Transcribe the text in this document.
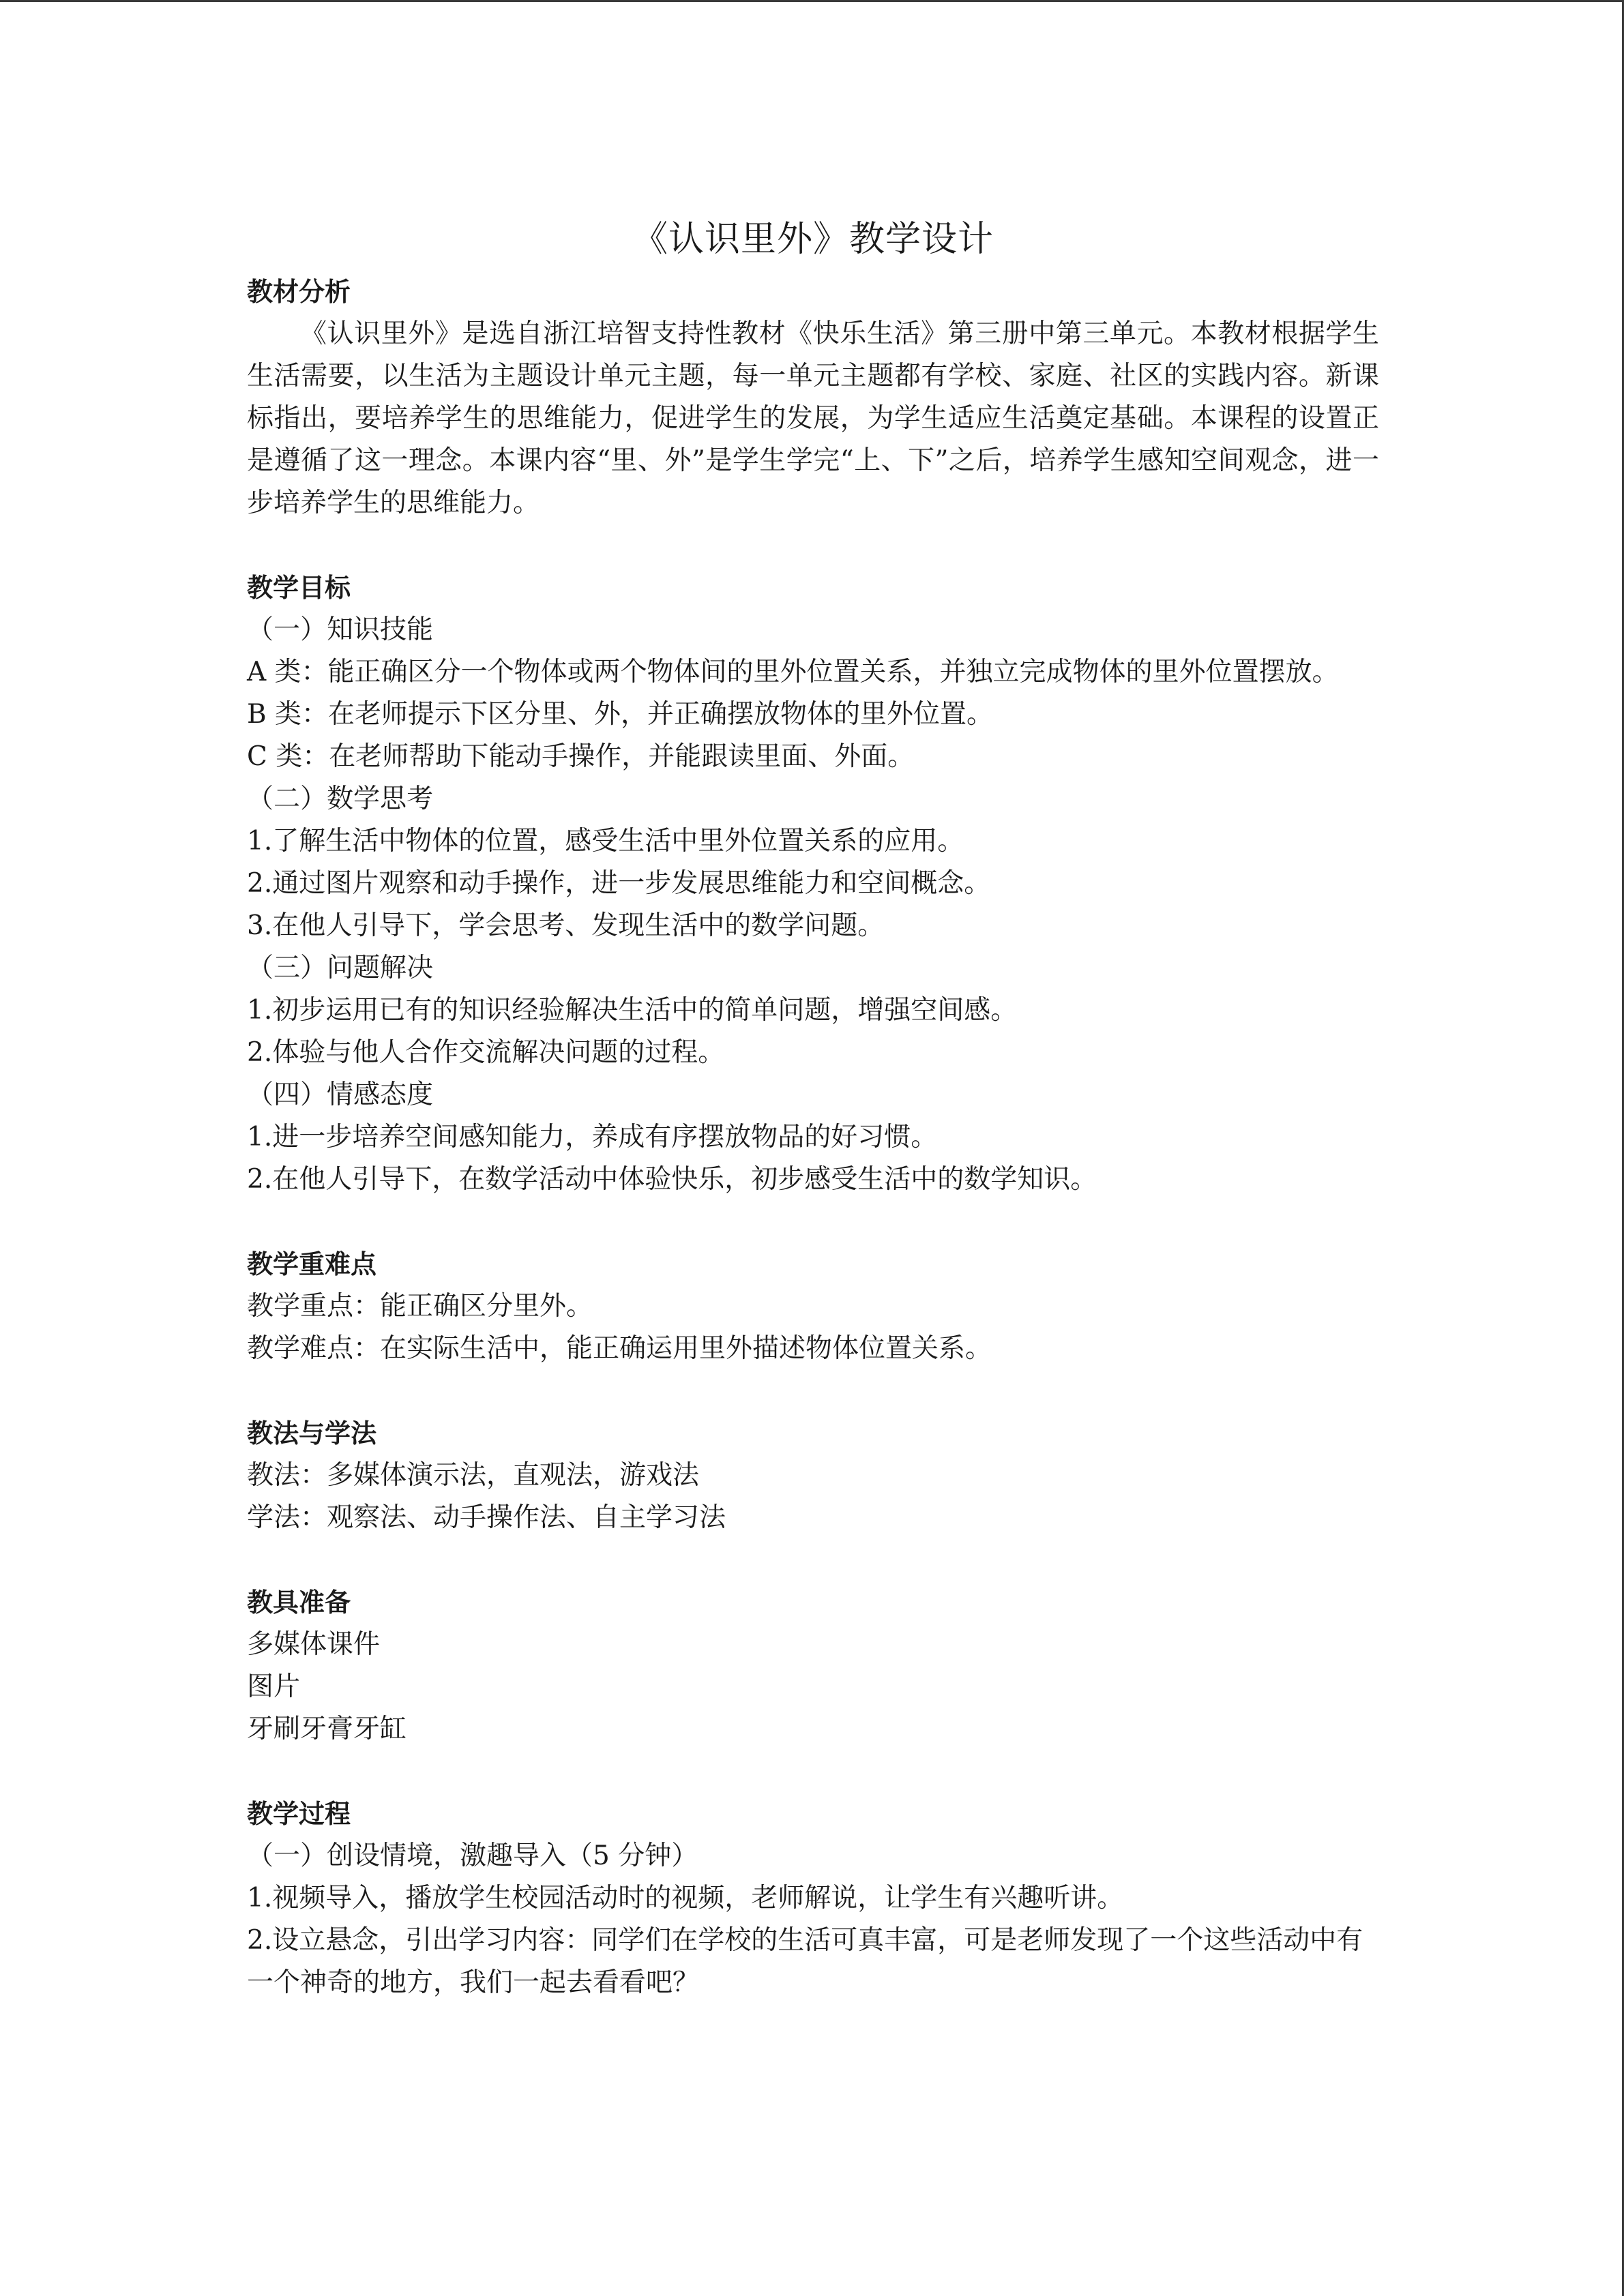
《认识里外》教学设计

教材分析

《认识里外》是选自浙江培智支持性教材《快乐生活》第三册中第三单元。本教材根据学生生活需要，以生活为主题设计单元主题，每一单元主题都有学校、家庭、社区的实践内容。新课标指出，要培养学生的思维能力，促进学生的发展，为学生适应生活奠定基础。本课程的设置正是遵循了这一理念。本课内容“里、外”是学生学完“上、下”之后，培养学生感知空间观念，进一步培养学生的思维能力。

教学目标

（一）知识技能

A 类：能正确区分一个物体或两个物体间的里外位置关系，并独立完成物体的里外位置摆放。

B 类：在老师提示下区分里、外，并正确摆放物体的里外位置。

C 类：在老师帮助下能动手操作，并能跟读里面、外面。

（二）数学思考

1.了解生活中物体的位置，感受生活中里外位置关系的应用。

2.通过图片观察和动手操作，进一步发展思维能力和空间概念。

3.在他人引导下，学会思考、发现生活中的数学问题。

（三）问题解决

1.初步运用已有的知识经验解决生活中的简单问题，增强空间感。

2.体验与他人合作交流解决问题的过程。

（四）情感态度

1.进一步培养空间感知能力，养成有序摆放物品的好习惯。

2.在他人引导下，在数学活动中体验快乐，初步感受生活中的数学知识。

教学重难点

教学重点：能正确区分里外。

教学难点：在实际生活中，能正确运用里外描述物体位置关系。

教法与学法

教法：多媒体演示法，直观法，游戏法

学法：观察法、动手操作法、自主学习法

教具准备

多媒体课件

图片

牙刷牙膏牙缸

教学过程

（一）创设情境，激趣导入（5 分钟）

1.视频导入，播放学生校园活动时的视频，老师解说，让学生有兴趣听讲。

2.设立悬念，引出学习内容：同学们在学校的生活可真丰富，可是老师发现了一个这些活动中有一个神奇的地方，我们一起去看看吧？
